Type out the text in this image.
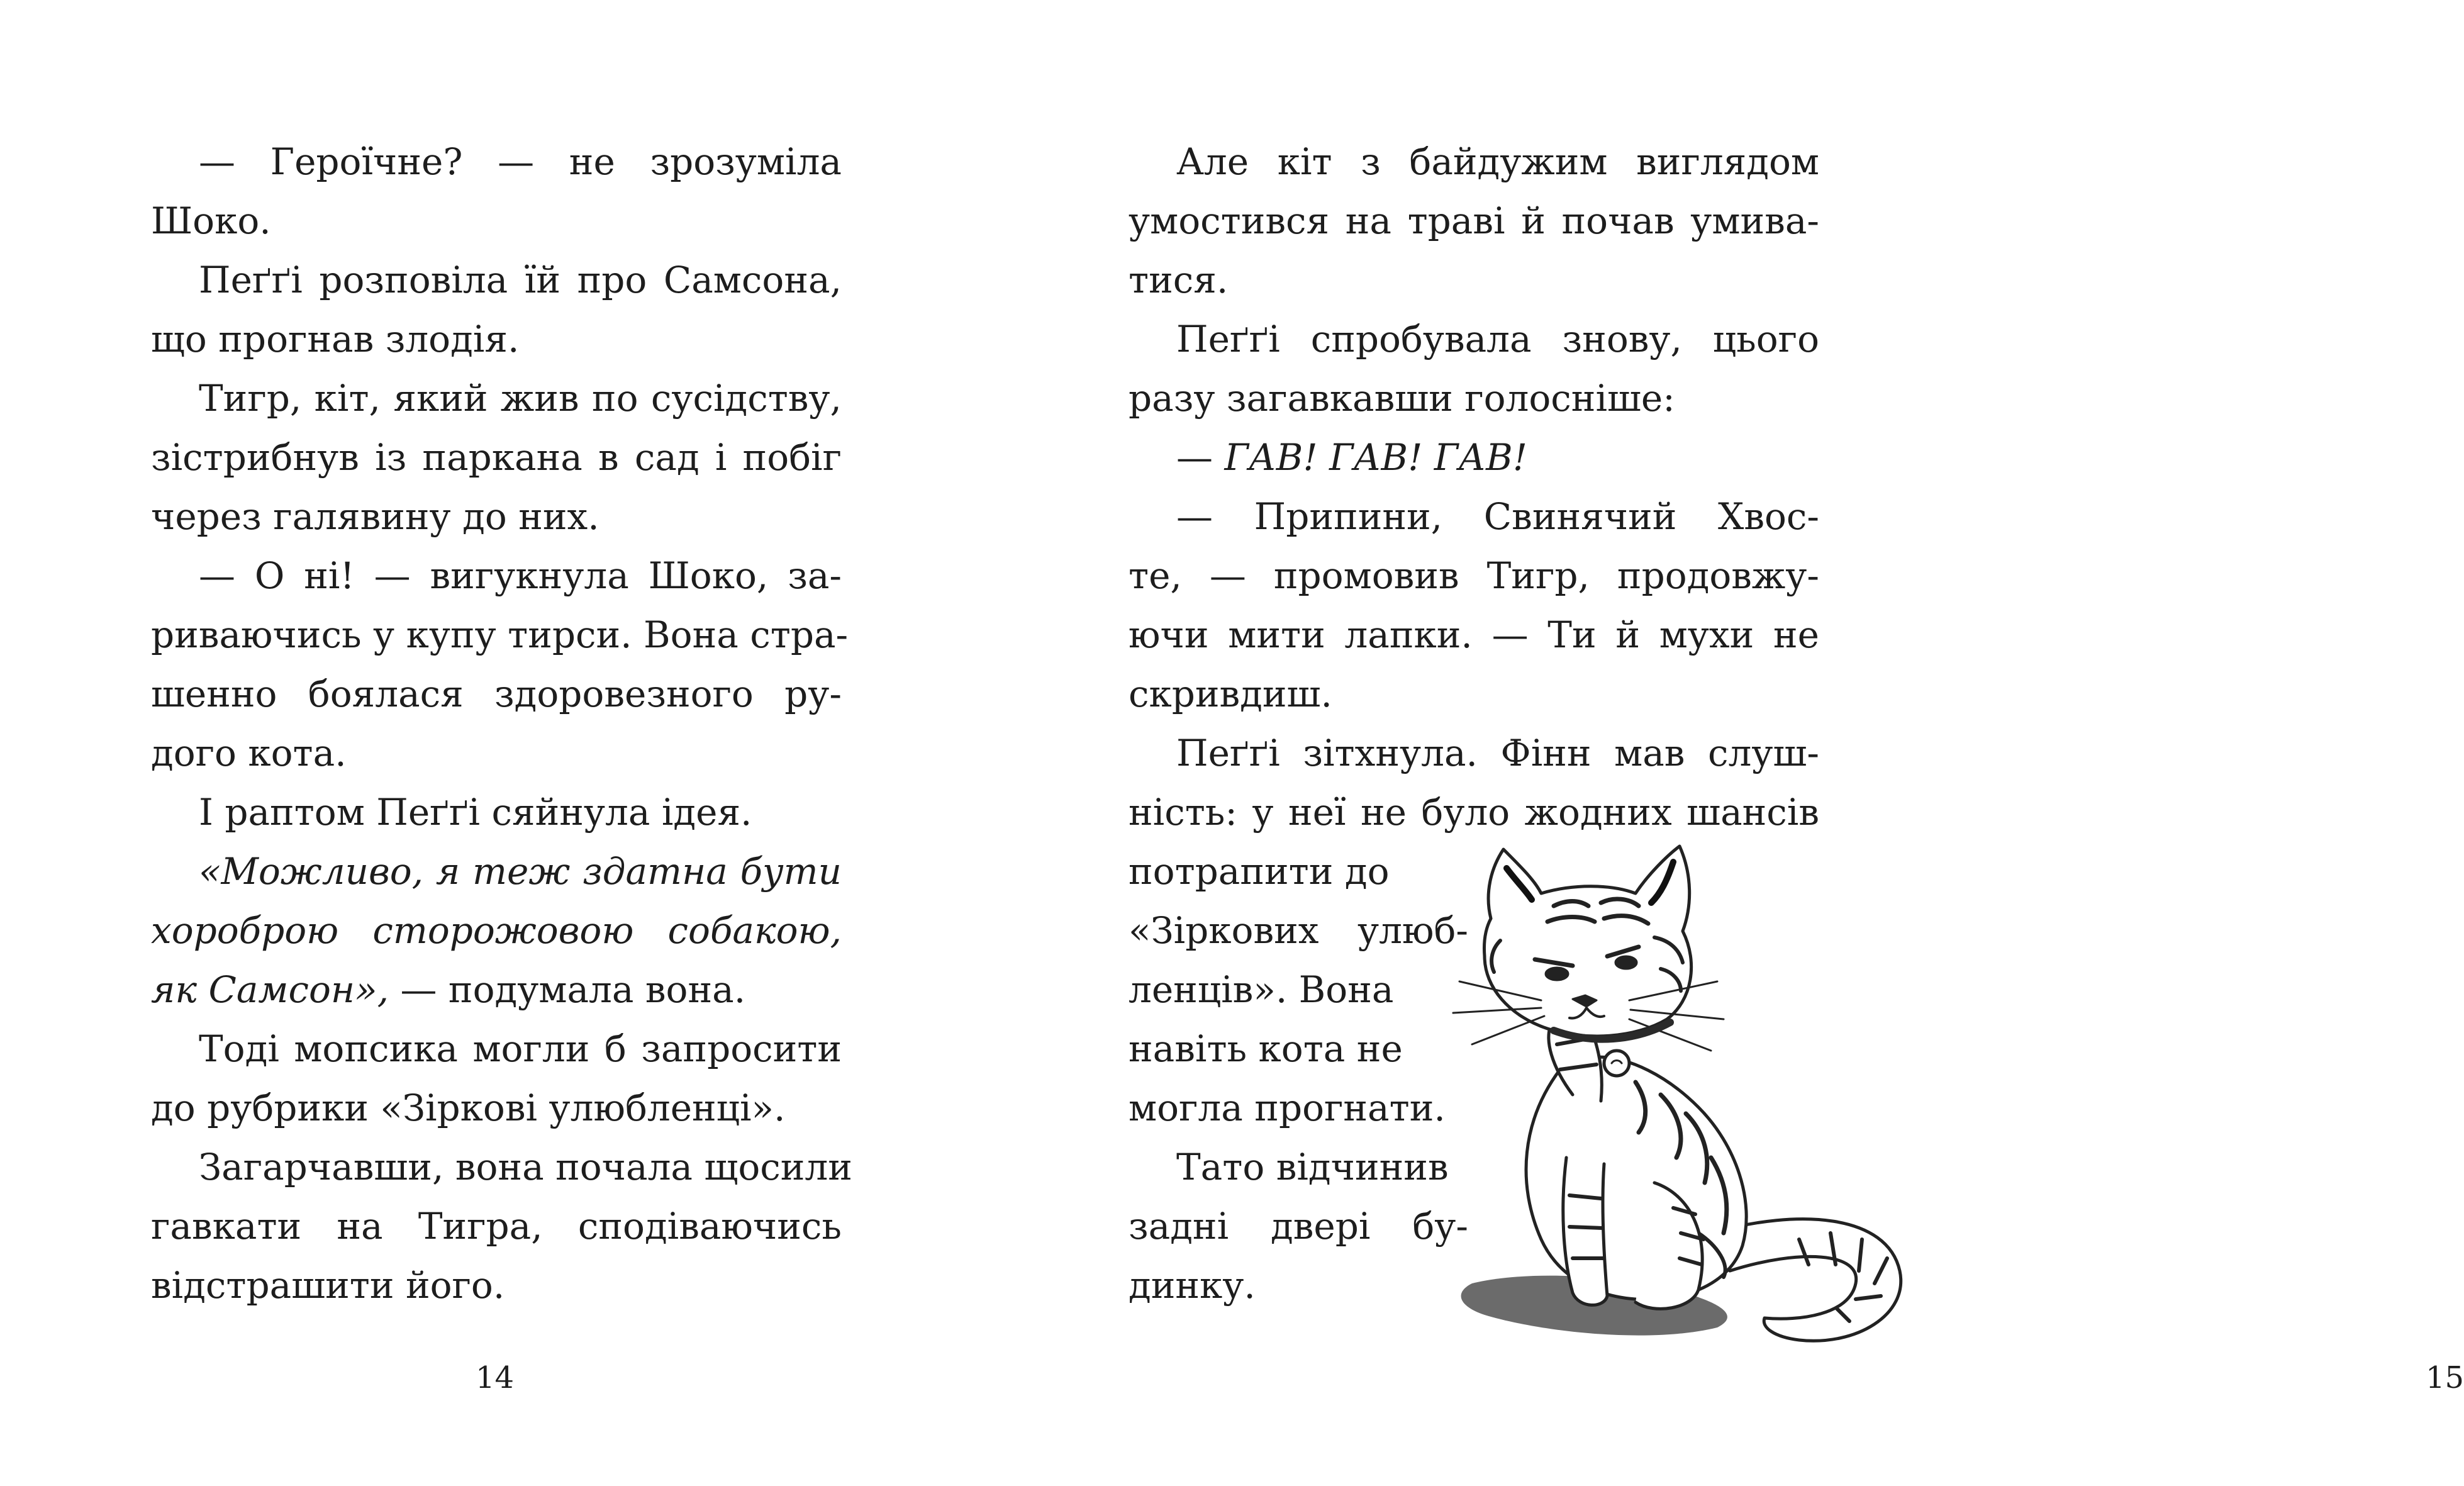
— Героїчне? — не зрозуміла
Шоко.
Пеґґі розповіла їй про Самсона,
що прогнав злодія.
Тигр, кіт, який жив по сусідству,
зістрибнув із паркана в сад і побіг
через галявину до них.
— О ні! — вигукнула Шоко, за-
риваючись у купу тирси. Вона стра-
шенно боялася здоровезного ру-
дого кота.
І раптом Пеґґі сяйнула ідея.
«Можливо, я теж здатна бути
хороброю сторожовою собакою,
як Самсон», — подумала вона.
Тоді мопсика могли б запросити
до рубрики «Зіркові улюбленці».
Загарчавши, вона почала щосили
гавкати на Тигра, сподіваючись
відстрашити його.
14	15
Але кіт з байдужим виглядом
умостився на траві й почав умива-
тися.
Пеґґі спробувала знову, цього
разу загавкавши голосніше:
— ГАВ! ГАВ! ГАВ!
— Припини, Свинячий Хвос-
те, — промовив Тигр, продовжу-
ючи мити лапки. — Ти й мухи не
скривдиш.
Пеґґі зітхнула. Фінн мав слуш-
ність: у неї не було жодних шансів
потрапити до
«Зіркових улюб-
ленців». Вона
навіть кота не
могла прогнати.
Тато відчинив
задні двері бу-
динку.
